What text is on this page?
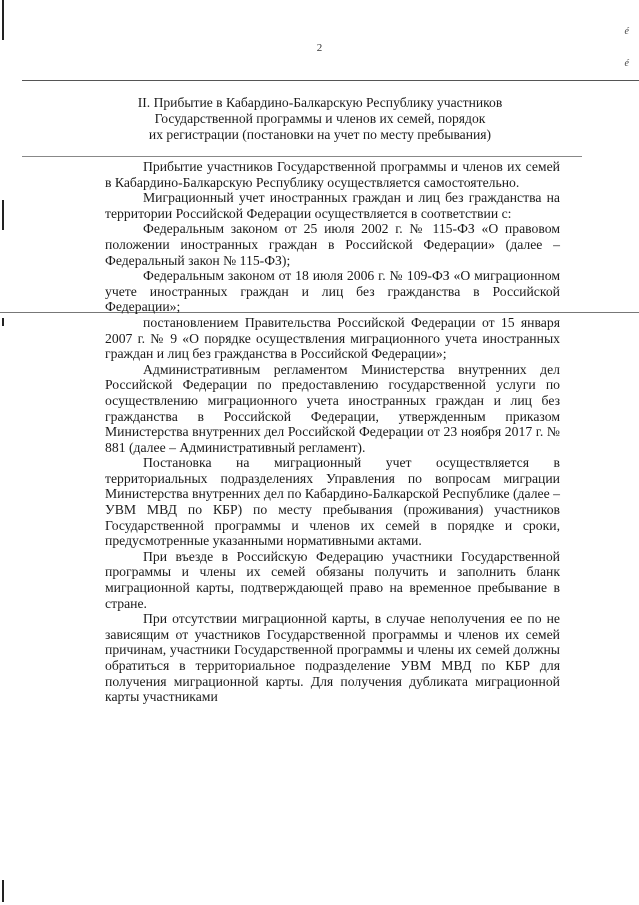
2
é
é
II. Прибытие в Кабардино-Балкарскую Республику участников
Государственной программы и членов их семей, порядок
их регистрации (постановки на учет по месту пребывания)

Прибытие участников Государственной программы и членов их семей в Кабардино-Балкарскую Республику осуществляется самостоятельно.

Миграционный учет иностранных граждан и лиц без гражданства на территории Российской Федерации осуществляется в соответствии с:

Федеральным законом от 25 июля 2002 г. № 115-ФЗ «О правовом положении иностранных граждан в Российской Федерации» (далее – Федеральный закон № 115-ФЗ);

Федеральным законом от 18 июля 2006 г. № 109-ФЗ «О миграционном учете иностранных граждан и лиц без гражданства в Российской Федерации»;

постановлением Правительства Российской Федерации от 15 января 2007 г. № 9 «О порядке осуществления миграционного учета иностранных граждан и лиц без гражданства в Российской Федерации»;

Административным регламентом Министерства внутренних дел Российской Федерации по предоставлению государственной услуги по осуществлению миграционного учета иностранных граждан и лиц без гражданства в Российской Федерации, утвержденным приказом Министерства внутренних дел Российской Федерации от 23 ноября 2017 г. № 881 (далее – Административный регламент).

Постановка на миграционный учет осуществляется в территориальных подразделениях Управления по вопросам миграции Министерства внутренних дел по Кабардино-Балкарской Республике (далее – УВМ МВД по КБР) по месту пребывания (проживания) участников Государственной программы и членов их семей в порядке и сроки, предусмотренные указанными нормативными актами.

При въезде в Российскую Федерацию участники Государственной программы и члены их семей обязаны получить и заполнить бланк миграционной карты, подтверждающей право на временное пребывание в стране.

При отсутствии миграционной карты, в случае неполучения ее по не зависящим от участников Государственной программы и членов их семей причинам, участники Государственной программы и члены их семей должны обратиться в территориальное подразделение УВМ МВД по КБР для получения миграционной карты. Для получения дубликата миграционной карты участниками
